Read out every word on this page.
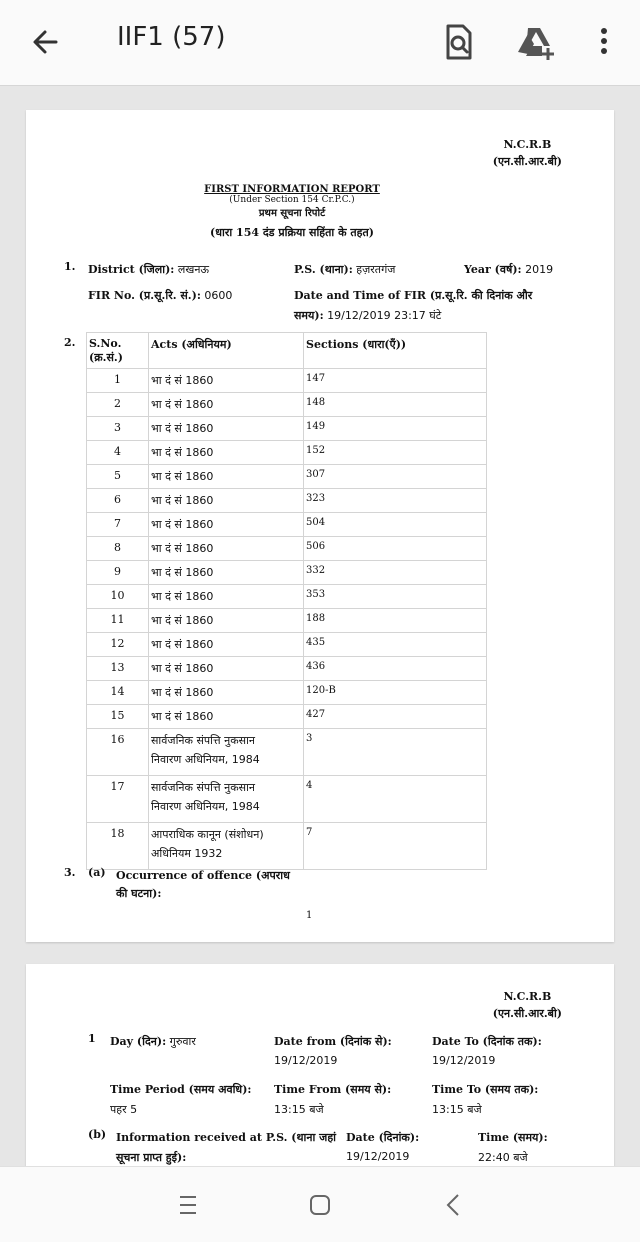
IIF1 (57)
N.C.R.B
(एन.सी.आर.बी)
FIRST INFORMATION REPORT
(Under Section 154 Cr.P.C.)
प्रथम सूचना रिपोर्ट
(धारा 154 दंड प्रक्रिया सहिंता के तहत)
1. District (जिला): लखनऊ	P.S. (थाना): हज़रतगंज	Year (वर्ष): 2019
FIR No. (प्र.सू.रि. सं.): 0600	Date and Time of FIR (प्र.सू.रि. की दिनांक और
समय): 19/12/2019 23:17 घंटे
2. S.No.
(क्र.सं.)	Acts (अधिनियम)	Sections (धारा(एँ))
1	भा दं सं 1860	147
2	भा दं सं 1860	148
3	भा दं सं 1860	149
4	भा दं सं 1860	152
5	भा दं सं 1860	307
6	भा दं सं 1860	323
7	भा दं सं 1860	504
8	भा दं सं 1860	506
9	भा दं सं 1860	332
10	भा दं सं 1860	353
11	भा दं सं 1860	188
12	भा दं सं 1860	435
13	भा दं सं 1860	436
14	भा दं सं 1860	120-B
15	भा दं सं 1860	427
16	सार्वजनिक संपत्ति नुकसान
निवारण अधिनियम, 1984	3
17	सार्वजनिक संपत्ति नुकसान
निवारण अधिनियम, 1984	4
18	आपराधिक कानून (संशोधन)
अधिनियम 1932	7
3. (a) Occurrence of offence (अपराध
की घटना):
1
N.C.R.B
(एन.सी.आर.बी)
1 Day (दिन): गुरुवार	Date from (दिनांक से):
19/12/2019
Date To (दिनांक तक):
19/12/2019
Time Period (समय अवधि):
पहर 5
Time From (समय से):
13:15 बजे
Time To (समय तक):
13:15 बजे
(b) Information received at P.S. (थाना जहां
सूचना प्राप्त हुई):
Date (दिनांक):
19/12/2019
Time (समय):
22:40 बजे
